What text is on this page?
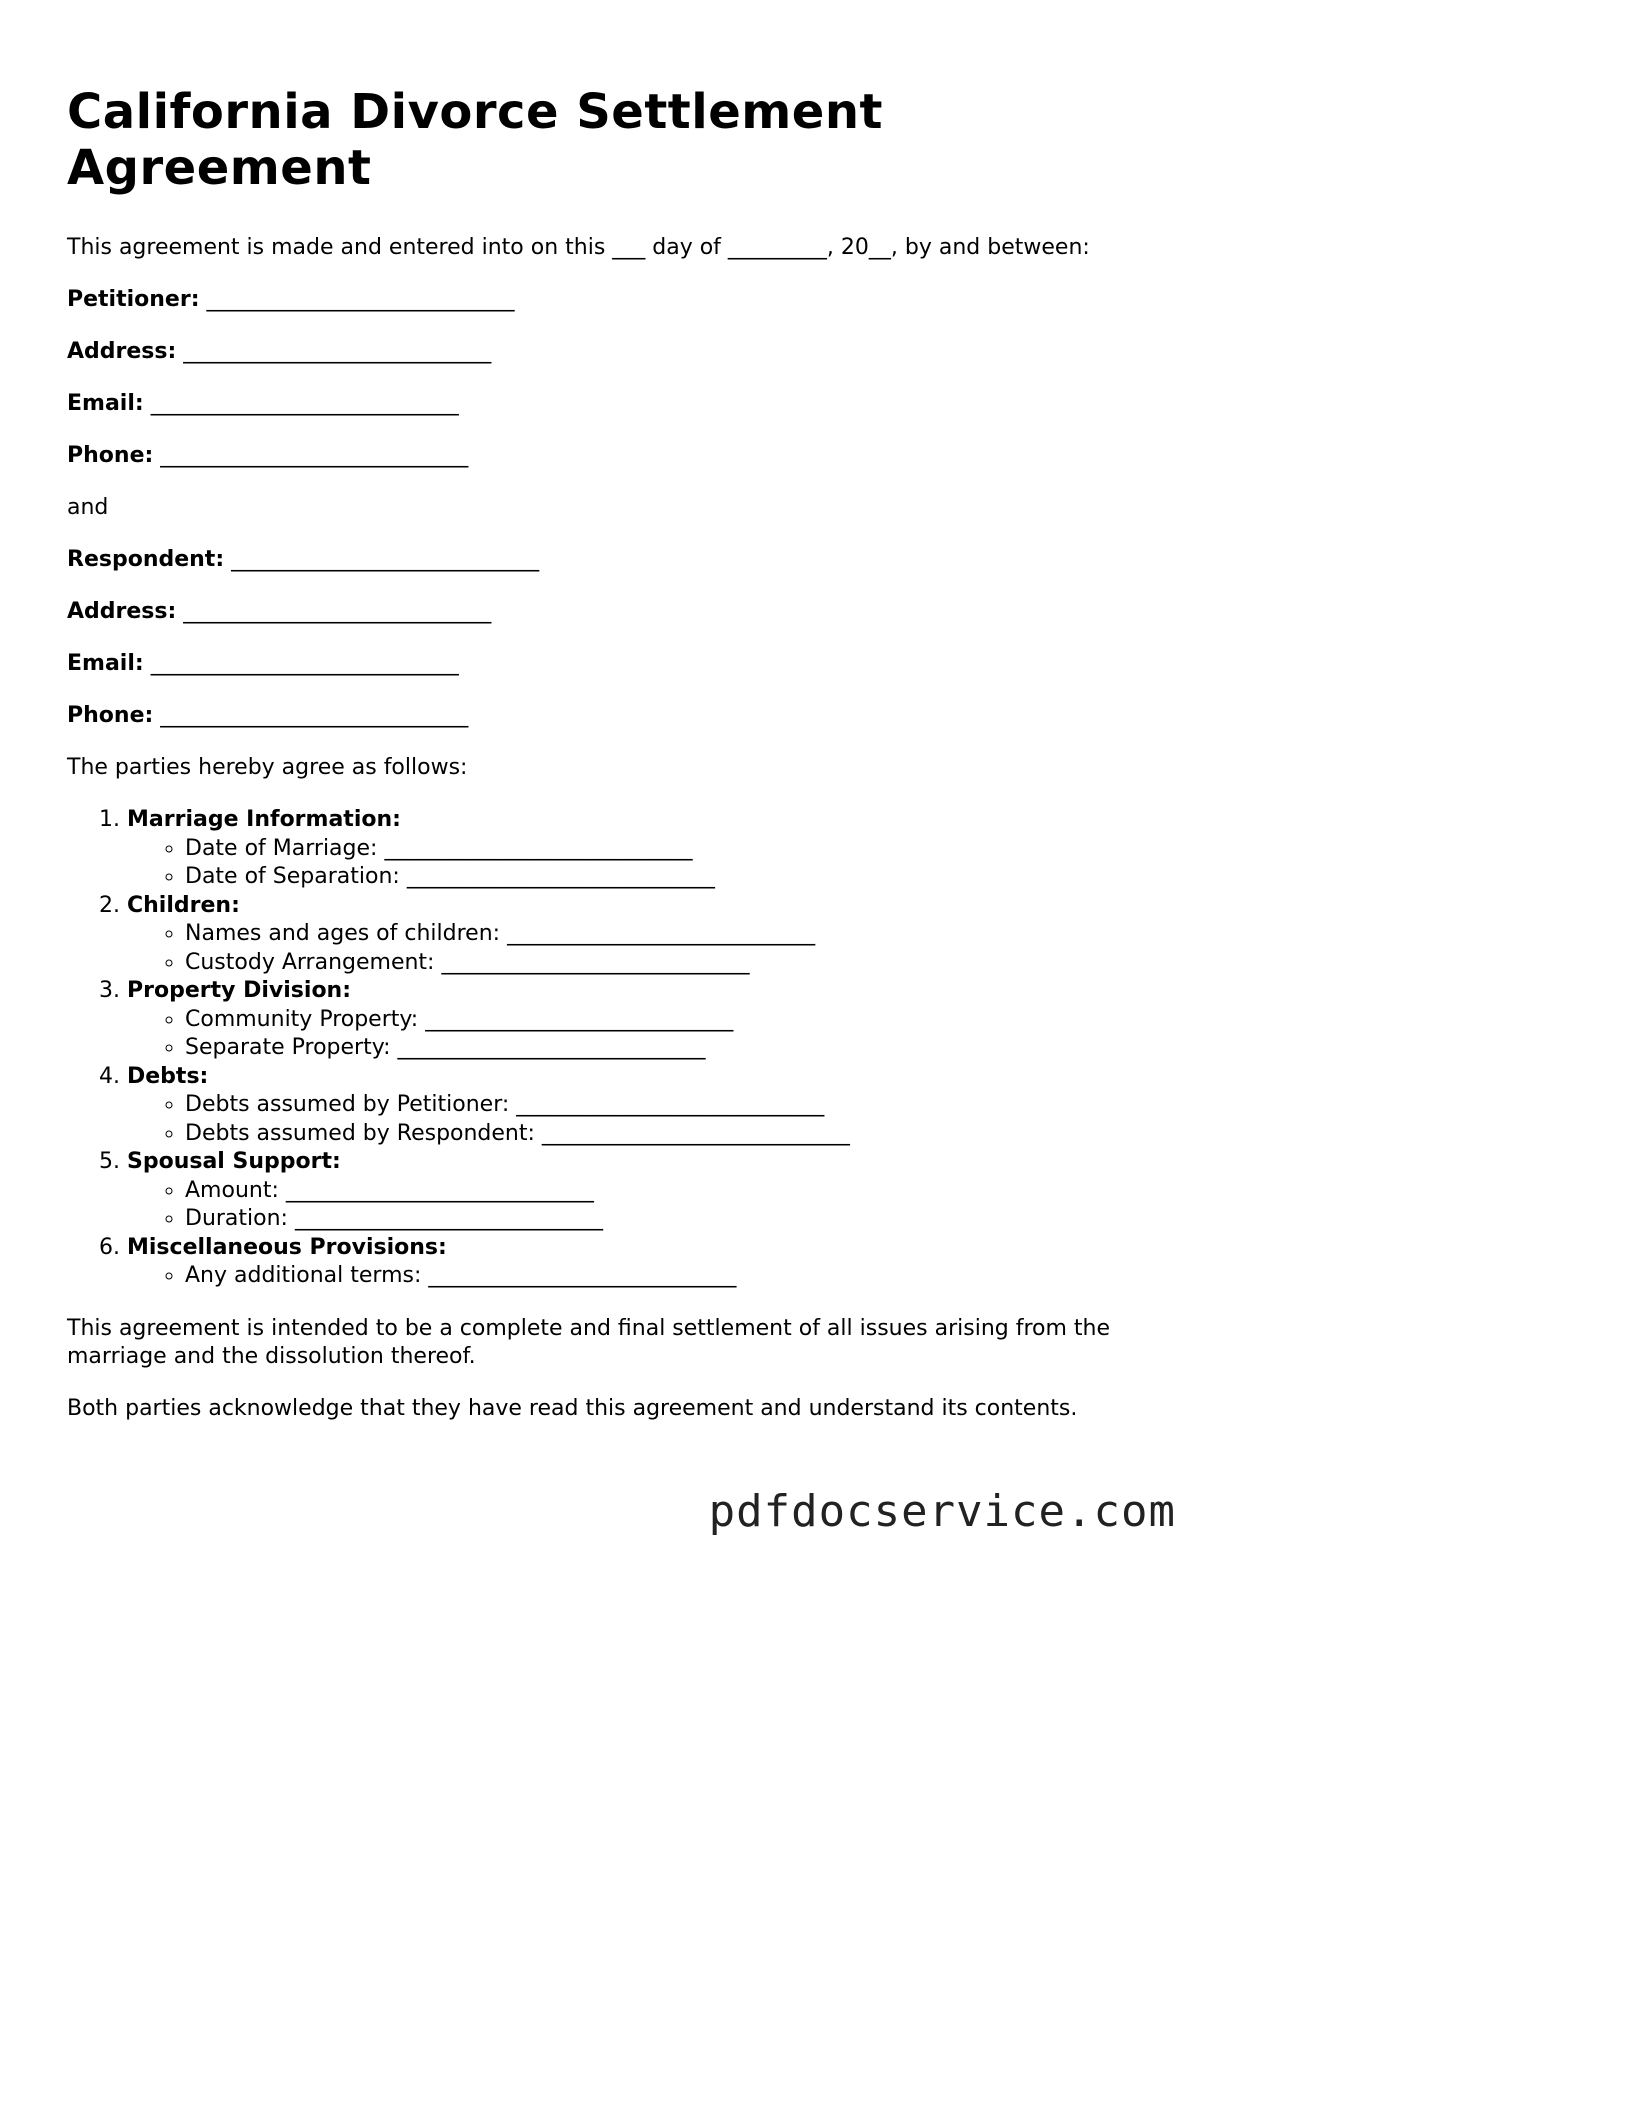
California Divorce Settlement Agreement

This agreement is made and entered into on this ___ day of _________, 20__, by and between:

Petitioner: ____________________________

Address: ____________________________

Email: ____________________________

Phone: ____________________________

and

Respondent: ____________________________

Address: ____________________________

Email: ____________________________

Phone: ____________________________

The parties hereby agree as follows:

1. Marriage Information:
◦ Date of Marriage: ____________________________
◦ Date of Separation: ____________________________
2. Children:
◦ Names and ages of children: ____________________________
◦ Custody Arrangement: ____________________________
3. Property Division:
◦ Community Property: ____________________________
◦ Separate Property: ____________________________
4. Debts:
◦ Debts assumed by Petitioner: ____________________________
◦ Debts assumed by Respondent: ____________________________
5. Spousal Support:
◦ Amount: ____________________________
◦ Duration: ____________________________
6. Miscellaneous Provisions:
◦ Any additional terms: ____________________________

This agreement is intended to be a complete and final settlement of all issues arising from the marriage and the dissolution thereof.

Both parties acknowledge that they have read this agreement and understand its contents.

pdfdocservice.com
